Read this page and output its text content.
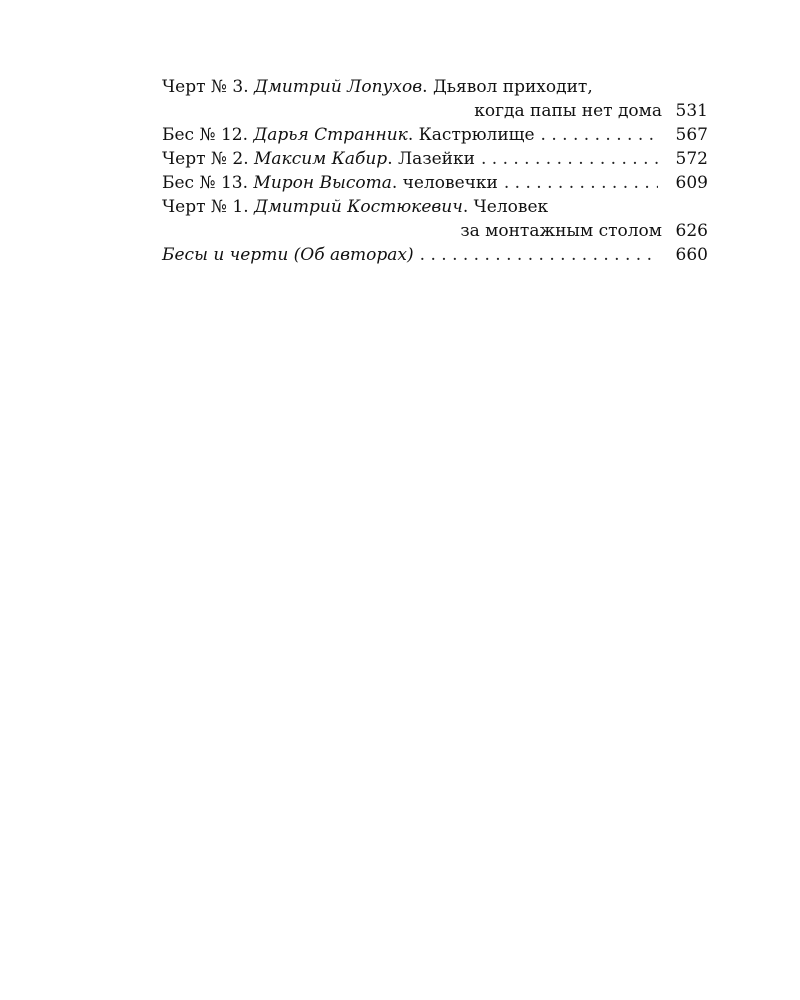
Черт № 3. Дмитрий Лопухов. Дьявол приходит,
когда папы нет дома 531
Бес № 12. Дарья Странник. Кастрюлище . . .	567
Черт № 2. Максим Кабир. Лазейки . . .	572
Бес № 13. Мирон Высота. человечки . . .	609
Черт № 1. Дмитрий Костюкевич. Человек
за монтажным столом 626
Бесы и черти (Об авторах) . . .	660
